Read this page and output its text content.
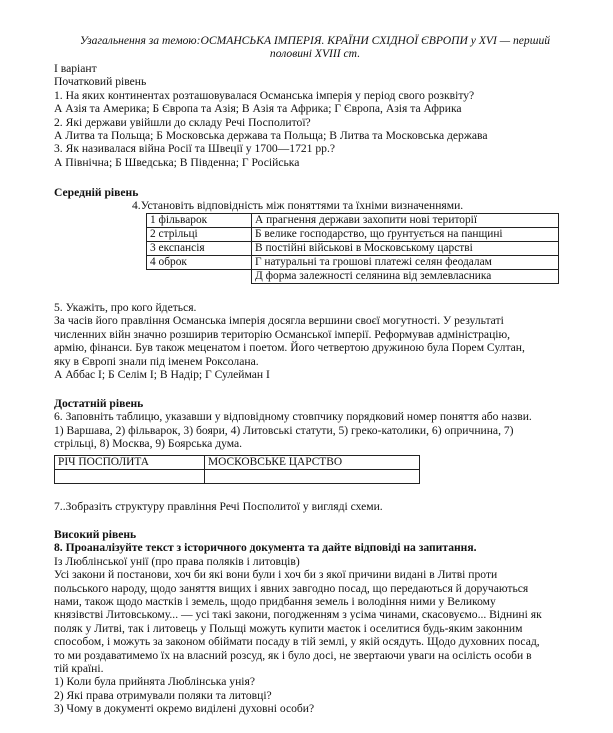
Узагальнення за темою:ОСМАНСЬКА ІМПЕРІЯ. КРАЇНИ СХІДНОЇ ЄВРОПИ у XVI — перший
половині XVIII ст.
І варіант
Початковий рівень
1. На яких континентах розташовувалася Османська імперія у період свого розквіту?
А Азія та Америка; Б Європа та Азія; В Азія та Африка; Г Європа, Азія та Африка
2. Які держави увійшли до складу Речі Посполитої?
А Литва та Польща; Б Московська держава та Польща; В Литва та Московська держава
3. Як називалася війна Росії та Швеції у 1700—1721 рр.?
А Північна; Б Шведська; В Південна; Г Російська
Середній рівень
4.Установіть відповідність між поняттями та їхніми визначеннями.
1 фільварок	А прагнення держави захопити нові території
2 стрільці	Б велике господарство, що ґрунтується на панщині
3 експансія	В постійні військові в Московському царстві
4 оброк	Г натуральні та грошові платежі селян феодалам
	Д форма залежності селянина від землевласника
5. Укажіть, про кого йдеться.
За часів його правління Османська імперія досягла вершини своєї могутності. У результаті
численних війн значно розширив територію Османської імперії. Реформував адміністрацію,
армію, фінанси. Був також меценатом і поетом. Його четвертою дружиною була Порем Султан,
яку в Європі знали під іменем Роксолана.
А Аббас І; Б Селім І; В Надір; Г Сулейман І
Достатній рівень
6. Заповніть таблицю, указавши у відповідному стовпчику порядковий номер поняття або назви.
1) Варшава, 2) фільварок, 3) бояри, 4) Литовські статути, 5) греко-католики, 6) опричнина, 7)
стрільці, 8) Москва, 9) Боярська дума.
РІЧ ПОСПОЛИТА	МОСКОВСЬКЕ ЦАРСТВО

7..Зобразіть структуру правління Речі Посполитої у вигляді схеми.
Високий рівень
8. Проаналізуйте текст з історичного документа та дайте відповіді на запитання.
Із Люблінської унії (про права поляків і литовців)
Усі закони й постанови, хоч би які вони були і хоч би з якої причини видані в Литві проти
польського народу, щодо заняття вищих і явних завгодно посад, що передаються й доручаються
нами, також щодо мастків і земель, щодо придбання земель і володіння ними у Великому
князівстві Литовському... — усі такі закони, погодженням з усіма чинами, скасовуємо... Віднині як
поляк у Литві, так і литовець у Польщі можуть купити маєток і оселитися будь-яким законним
способом, і можуть за законом обіймати посаду в тій землі, у якій осядуть. Щодо духовних посад,
то ми роздаватимемо їх на власний розсуд, як і було досі, не звертаючи уваги на осілість особи в
тій країні.
1) Коли була прийнята Люблінська унія?
2) Які права отримували поляки та литовці?
3) Чому в документі окремо виділені духовні особи?
